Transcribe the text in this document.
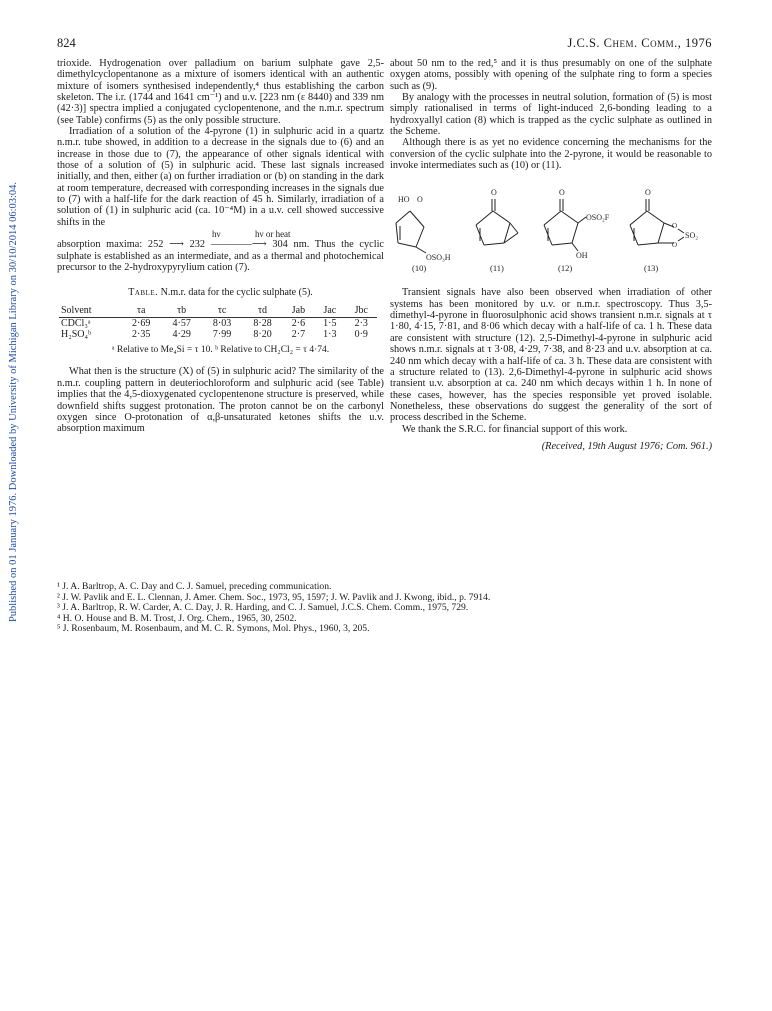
Published on 01 January 1976. Downloaded by University of Michigan Library on 30/10/2014 06:03:04.
824	J.C.S. Chem. Comm., 1976

trioxide. Hydrogenation over palladium on barium sulphate gave 2,5-dimethylcyclopentanone as a mixture of isomers identical with an authentic mixture of isomers synthesised independently,⁴ thus establishing the carbon skeleton. The i.r. (1744 and 1641 cm⁻¹) and u.v. [223 nm (ε 8440) and 339 nm (42·3)] spectra implied a conjugated cyclopentenone, and the n.m.r. spectrum (see Table) confirms (5) as the only possible structure.

Irradiation of a solution of the 4-pyrone (1) in sulphuric acid in a quartz n.m.r. tube showed, in addition to a decrease in the signals due to (6) and an increase in those due to (7), the appearance of other signals identical with those of a solution of (5) in sulphuric acid. These last signals increased initially, and then, either (a) on further irradiation or (b) on standing in the dark at room temperature, decreased with corresponding increases in the signals due to (7) with a half-life for the dark reaction of 45 h. Similarly, irradiation of a solution of (1) in sulphuric acid (ca. 10⁻⁴M) in a u.v. cell showed successive shifts in the

hν	hν or heat

absorption maxima: 252 ⟶ 232 ————⟶ 304 nm. Thus the cyclic sulphate is established as an intermediate, and as a thermal and photochemical precursor to the 2-hydroxypyrylium cation (7).

Table. N.m.r. data for the cyclic sulphate (5).
Solvent	τa	τb	τc	τd	Jab	Jac	Jbc
CDCl₃ᵃ	2·69	4·57	8·03	8·28	2·6	1·5	2·3
H₂SO₄ᵇ	2·35	4·29	7·99	8·20	2·7	1·3	0·9
ᵃ Relative to Me₄Si = τ 10. ᵇ Relative to CH₂Cl₂ = τ 4·74.

What then is the structure (X) of (5) in sulphuric acid? The similarity of the n.m.r. coupling pattern in deuteriochloroform and sulphuric acid (see Table) implies that the 4,5-dioxygenated cyclopentenone structure is preserved, while downfield shifts suggest protonation. The proton cannot be on the carbonyl oxygen since O-protonation of α,β-unsaturated ketones shifts the u.v. absorption maximum

about 50 nm to the red,⁵ and it is thus presumably on one of the sulphate oxygen atoms, possibly with opening of the sulphate ring to form a species such as (9).

By analogy with the processes in neutral solution, formation of (5) is most simply rationalised in terms of light-induced 2,6-bonding leading to a hydroxyallyl cation (8) which is trapped as the cyclic sulphate as outlined in the Scheme.

Although there is as yet no evidence concerning the mechanisms for the conversion of the cyclic sulphate into the 2-pyrone, it would be reasonable to invoke intermediates such as (10) or (11).

HO O
OSO₃H
O	O
OSO₂F
OH
O
O
O
SO₂
(10)	(11)	(12)	(13)

Transient signals have also been observed when irradiation of other systems has been monitored by u.v. or n.m.r. spectroscopy. Thus 3,5-dimethyl-4-pyrone in fluorosulphonic acid shows transient n.m.r. signals at τ 1·80, 4·15, 7·81, and 8·06 which decay with a half-life of ca. 1 h. These data are consistent with structure (12). 2,5-Dimethyl-4-pyrone in sulphuric acid shows n.m.r. signals at τ 3·08, 4·29, 7·38, and 8·23 and u.v. absorption at ca. 240 nm which decay with a half-life of ca. 3 h. These data are consistent with a structure related to (13). 2,6-Dimethyl-4-pyrone in sulphuric acid shows transient u.v. absorption at ca. 240 nm which decays within 1 h. In none of these cases, however, has the species responsible yet proved isolable. Nonetheless, these observations do suggest the generality of the sort of process described in the Scheme.

We thank the S.R.C. for financial support of this work.

(Received, 19th August 1976; Com. 961.)
¹ J. A. Barltrop, A. C. Day and C. J. Samuel, preceding communication.
² J. W. Pavlik and E. L. Clennan, J. Amer. Chem. Soc., 1973, 95, 1597; J. W. Pavlik and J. Kwong, ibid., p. 7914.
³ J. A. Barltrop, R. W. Carder, A. C. Day, J. R. Harding, and C. J. Samuel, J.C.S. Chem. Comm., 1975, 729.
⁴ H. O. House and B. M. Trost, J. Org. Chem., 1965, 30, 2502.
⁵ J. Rosenbaum, M. Rosenbaum, and M. C. R. Symons, Mol. Phys., 1960, 3, 205.
